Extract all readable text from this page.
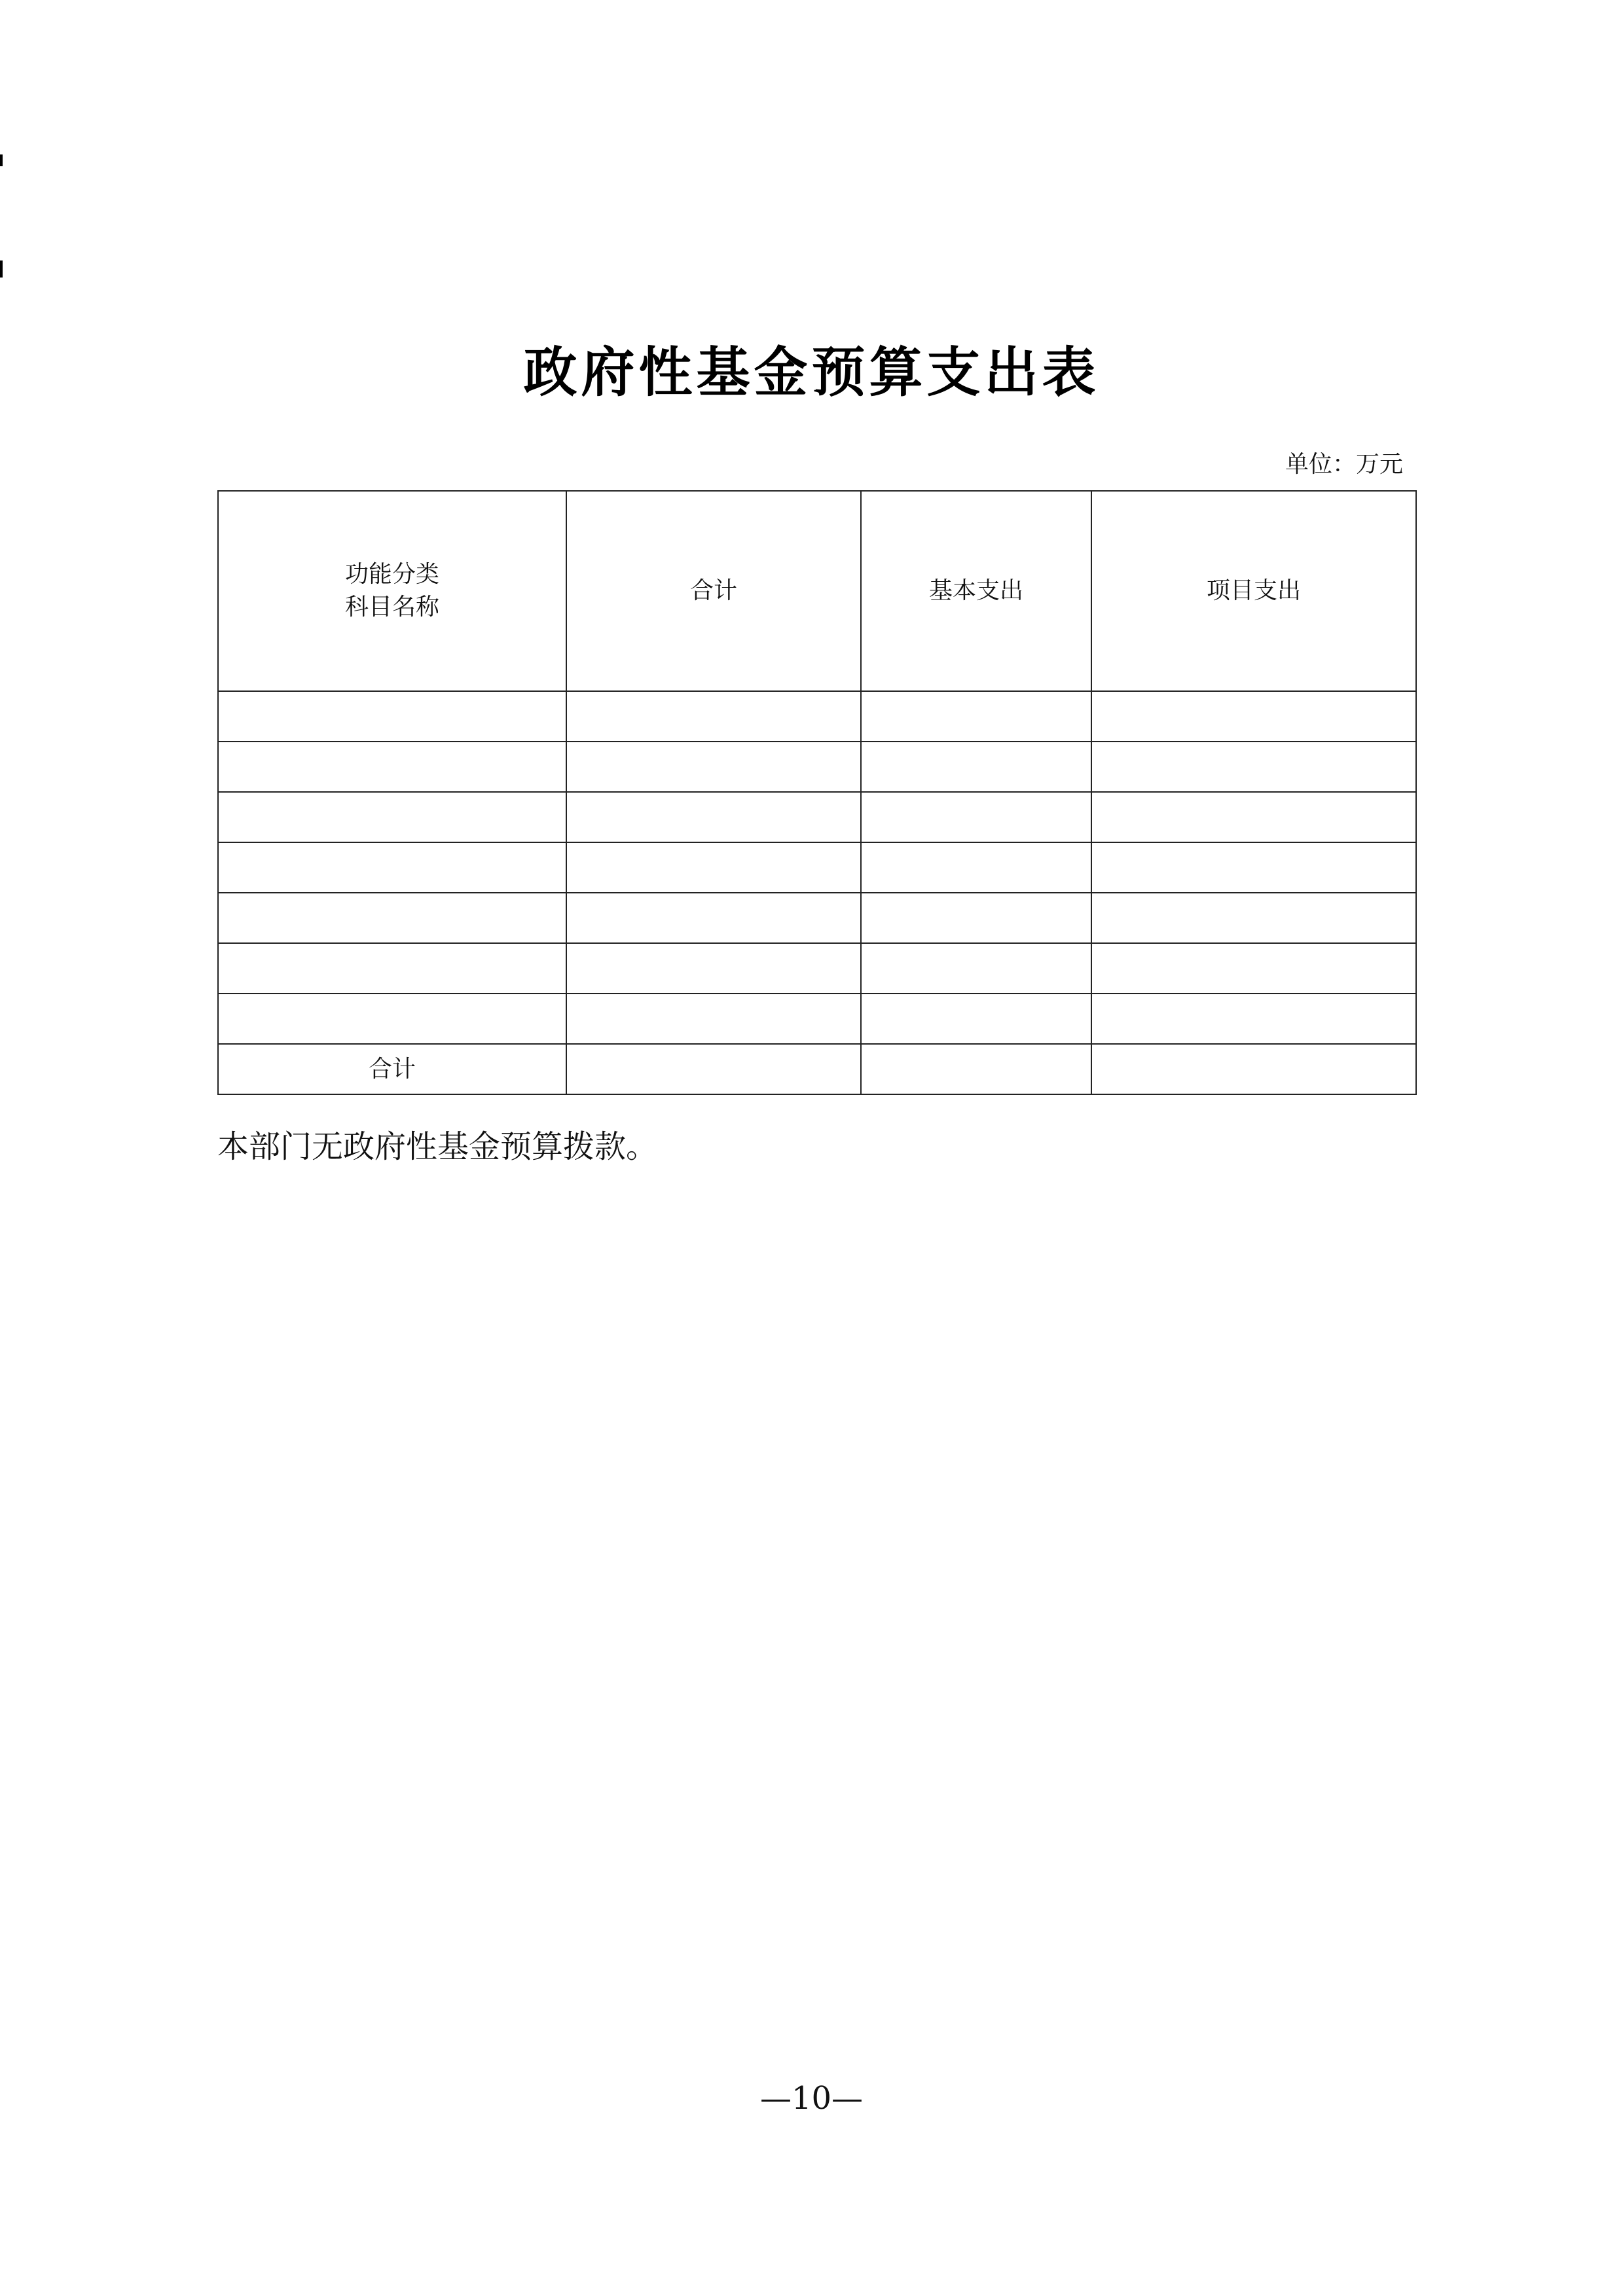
政府性基金预算支出表
单位：万元
功能分类
科目名称	合计	基本支出	项目支出

合计			
本部门无政府性基金预算拨款。
—10—
